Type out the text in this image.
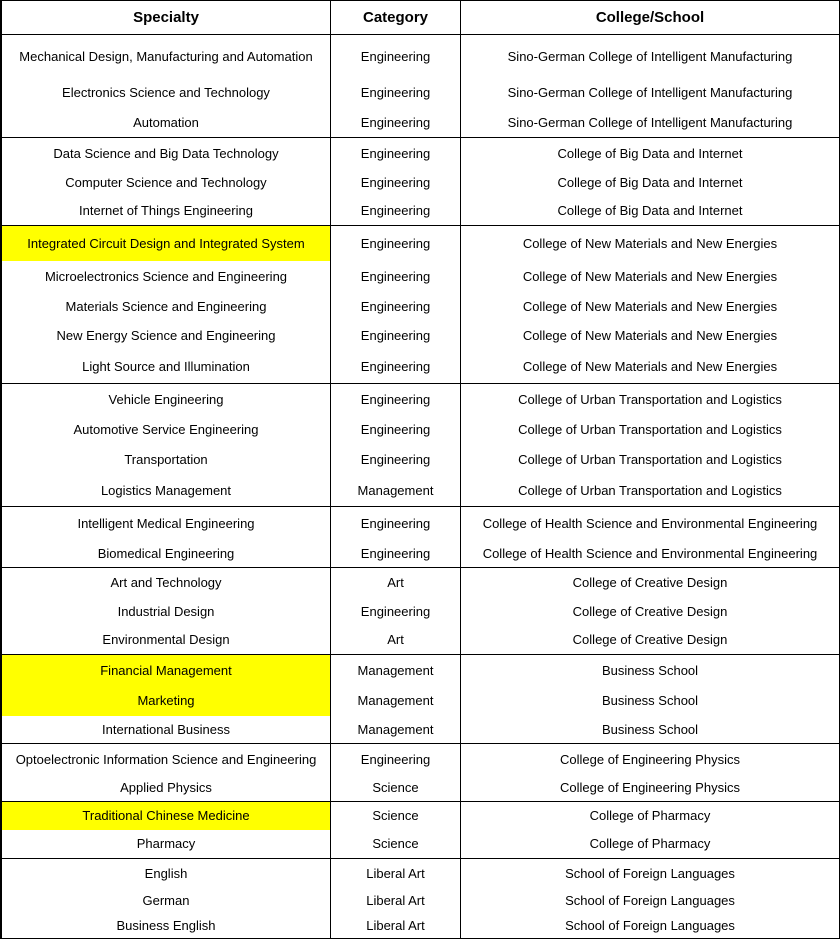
Specialty	Category	College/School
Mechanical Design, Manufacturing and Automation	Engineering	Sino-German College of Intelligent Manufacturing
Electronics Science and Technology	Engineering	Sino-German College of Intelligent Manufacturing
Automation	Engineering	Sino-German College of Intelligent Manufacturing
Data Science and Big Data Technology	Engineering	College of Big Data and Internet
Computer Science and Technology	Engineering	College of Big Data and Internet
Internet of Things Engineering	Engineering	College of Big Data and Internet
Integrated Circuit Design and Integrated System	Engineering	College of New Materials and New Energies
Microelectronics Science and Engineering	Engineering	College of New Materials and New Energies
Materials Science and Engineering	Engineering	College of New Materials and New Energies
New Energy Science and Engineering	Engineering	College of New Materials and New Energies
Light Source and Illumination	Engineering	College of New Materials and New Energies
Vehicle Engineering	Engineering	College of Urban Transportation and Logistics
Automotive Service Engineering	Engineering	College of Urban Transportation and Logistics
Transportation	Engineering	College of Urban Transportation and Logistics
Logistics Management	Management	College of Urban Transportation and Logistics
Intelligent Medical Engineering	Engineering	College of Health Science and Environmental Engineering
Biomedical Engineering	Engineering	College of Health Science and Environmental Engineering
Art and Technology	Art	College of Creative Design
Industrial Design	Engineering	College of Creative Design
Environmental Design	Art	College of Creative Design
Financial Management	Management	Business School
Marketing	Management	Business School
International Business	Management	Business School
Optoelectronic Information Science and Engineering	Engineering	College of Engineering Physics
Applied Physics	Science	College of Engineering Physics
Traditional Chinese Medicine	Science	College of Pharmacy
Pharmacy	Science	College of Pharmacy
English	Liberal Art	School of Foreign Languages
German	Liberal Art	School of Foreign Languages
Business English	Liberal Art	School of Foreign Languages
